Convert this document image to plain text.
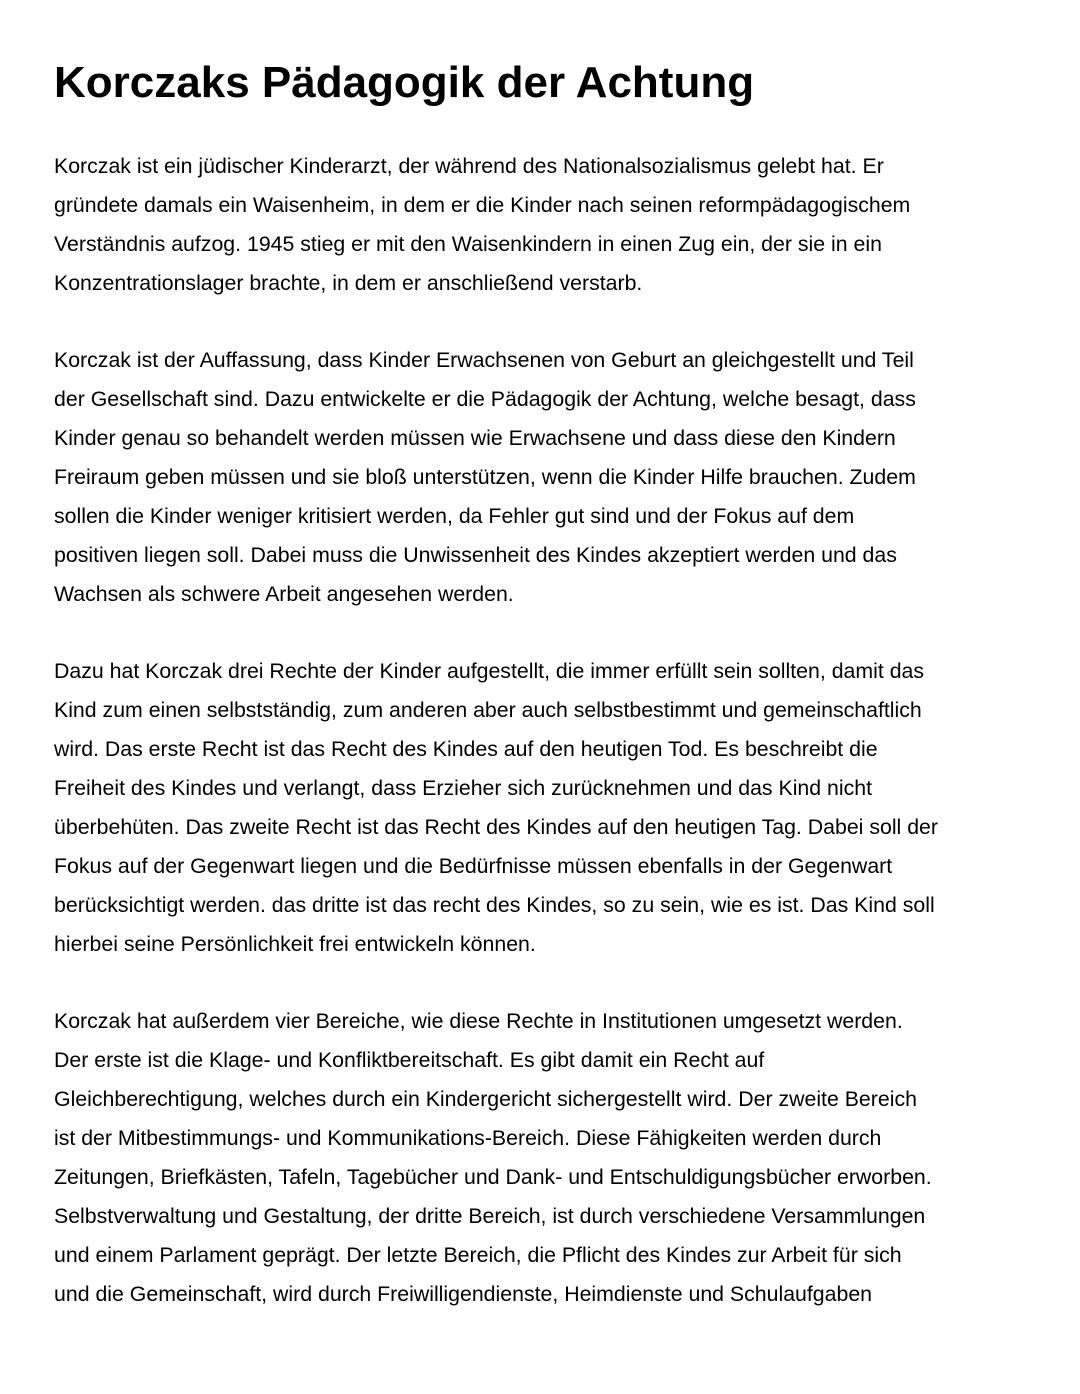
Korczaks Pädagogik der Achtung

Korczak ist ein jüdischer Kinderarzt, der während des Nationalsozialismus gelebt hat. Er
gründete damals ein Waisenheim, in dem er die Kinder nach seinen reformpädagogischem
Verständnis aufzog. 1945 stieg er mit den Waisenkindern in einen Zug ein, der sie in ein
Konzentrationslager brachte, in dem er anschließend verstarb.

Korczak ist der Auffassung, dass Kinder Erwachsenen von Geburt an gleichgestellt und Teil
der Gesellschaft sind. Dazu entwickelte er die Pädagogik der Achtung, welche besagt, dass
Kinder genau so behandelt werden müssen wie Erwachsene und dass diese den Kindern
Freiraum geben müssen und sie bloß unterstützen, wenn die Kinder Hilfe brauchen. Zudem
sollen die Kinder weniger kritisiert werden, da Fehler gut sind und der Fokus auf dem
positiven liegen soll. Dabei muss die Unwissenheit des Kindes akzeptiert werden und das
Wachsen als schwere Arbeit angesehen werden.

Dazu hat Korczak drei Rechte der Kinder aufgestellt, die immer erfüllt sein sollten, damit das
Kind zum einen selbstständig, zum anderen aber auch selbstbestimmt und gemeinschaftlich
wird. Das erste Recht ist das Recht des Kindes auf den heutigen Tod. Es beschreibt die
Freiheit des Kindes und verlangt, dass Erzieher sich zurücknehmen und das Kind nicht
überbehüten. Das zweite Recht ist das Recht des Kindes auf den heutigen Tag. Dabei soll der
Fokus auf der Gegenwart liegen und die Bedürfnisse müssen ebenfalls in der Gegenwart
berücksichtigt werden. das dritte ist das recht des Kindes, so zu sein, wie es ist. Das Kind soll
hierbei seine Persönlichkeit frei entwickeln können.

Korczak hat außerdem vier Bereiche, wie diese Rechte in Institutionen umgesetzt werden.
Der erste ist die Klage- und Konfliktbereitschaft. Es gibt damit ein Recht auf
Gleichberechtigung, welches durch ein Kindergericht sichergestellt wird. Der zweite Bereich
ist der Mitbestimmungs- und Kommunikations-Bereich. Diese Fähigkeiten werden durch
Zeitungen, Briefkästen, Tafeln, Tagebücher und Dank- und Entschuldigungsbücher erworben.
Selbstverwaltung und Gestaltung, der dritte Bereich, ist durch verschiedene Versammlungen
und einem Parlament geprägt. Der letzte Bereich, die Pflicht des Kindes zur Arbeit für sich
und die Gemeinschaft, wird durch Freiwilligendienste, Heimdienste und Schulaufgaben
